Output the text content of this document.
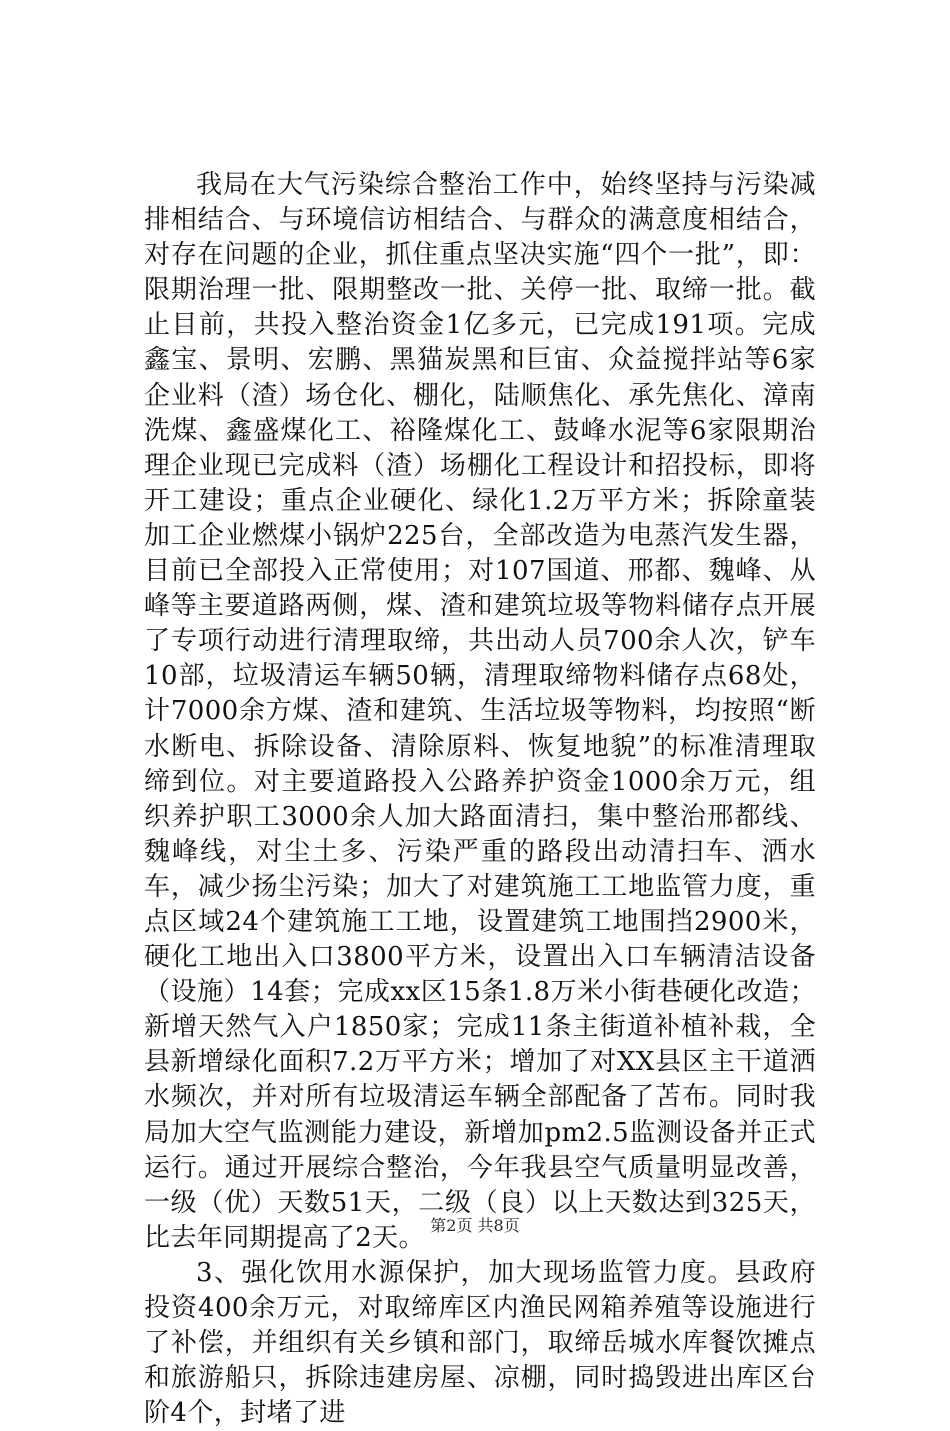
我局在大气污染综合整治工作中，始终坚持与污染减排相结合、与环境信访相结合、与群众的满意度相结合，对存在问题的企业，抓住重点坚决实施“四个一批”，即：限期治理一批、限期整改一批、关停一批、取缔一批。截止目前，共投入整治资金1亿多元，已完成191项。完成鑫宝、景明、宏鹏、黑猫炭黑和巨宙、众益搅拌站等6家企业料（渣）场仓化、棚化，陆顺焦化、承先焦化、漳南洗煤、鑫盛煤化工、裕隆煤化工、鼓峰水泥等6家限期治理企业现已完成料（渣）场棚化工程设计和招投标，即将开工建设；重点企业硬化、绿化1.2万平方米；拆除童装加工企业燃煤小锅炉225台，全部改造为电蒸汽发生器，目前已全部投入正常使用；对107国道、邢都、魏峰、从峰等主要道路两侧，煤、渣和建筑垃圾等物料储存点开展了专项行动进行清理取缔，共出动人员700余人次，铲车10部，垃圾清运车辆50辆，清理取缔物料储存点68处，计7000余方煤、渣和建筑、生活垃圾等物料，均按照“断水断电、拆除设备、清除原料、恢复地貌”的标准清理取缔到位。对主要道路投入公路养护资金1000余万元，组织养护职工3000余人加大路面清扫，集中整治邢都线、魏峰线，对尘土多、污染严重的路段出动清扫车、洒水车，减少扬尘污染；加大了对建筑施工工地监管力度，重点区域24个建筑施工工地，设置建筑工地围挡2900米，硬化工地出入口3800平方米，设置出入口车辆清洁设备（设施）14套；完成xx区15条1.8万米小街巷硬化改造；新增天然气入户1850家；完成11条主街道补植补栽，全县新增绿化面积7.2万平方米；增加了对XX县区主干道洒水频次，并对所有垃圾清运车辆全部配备了苫布。同时我局加大空气监测能力建设，新增加pm2.5监测设备并正式运行。通过开展综合整治，今年我县空气质量明显改善，一级（优）天数51天，二级（良）以上天数达到325天，比去年同期提高了2天。

3、强化饮用水源保护，加大现场监管力度。县政府投资400余万元，对取缔库区内渔民网箱养殖等设施进行了补偿，并组织有关乡镇和部门，取缔岳城水库餐饮摊点和旅游船只，拆除违建房屋、凉棚，同时捣毁进出库区台阶4个，封堵了进

第2页 共8页
